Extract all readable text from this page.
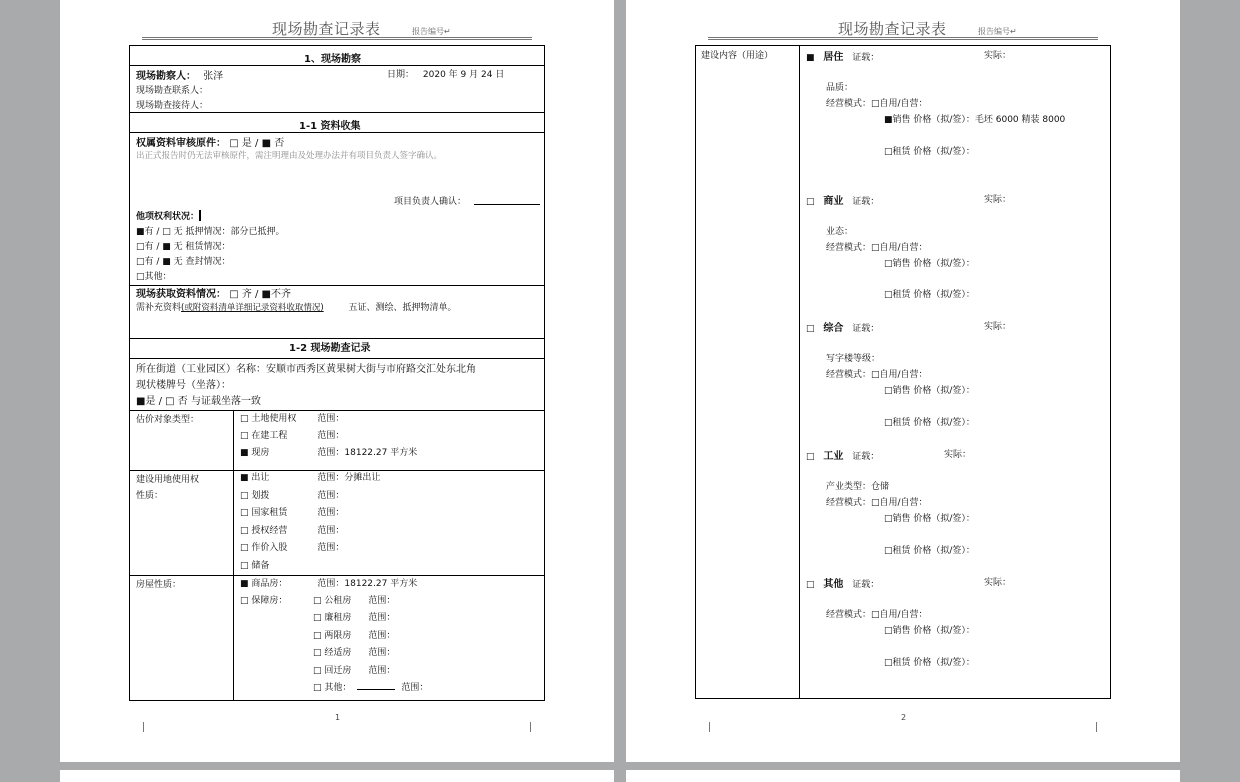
现场勘查记录表	报告编号↵
1、现场勘察
现场勘察人： 张泽	日期： 2020 年 9 月 24 日
现场勘查联系人：
现场勘查接待人：
1-1 资料收集
权属资料审核原件： □ 是 / ■ 否
出正式报告时仍无法审核原件，需注明理由及处理办法并有项目负责人签字确认。
项目负责人确认：
他项权利状况：
■有 / □ 无 抵押情况：部分已抵押。
□有 / ■ 无 租赁情况：
□有 / ■ 无 查封情况：
□其他：
现场获取资料情况： □ 齐 / ■不齐
需补充资料(或附资料清单详细记录资料收取情况)	五证、测绘、抵押物清单。
1-2 现场勘查记录
所在街道（工业园区）名称：安顺市西秀区黄果树大街与市府路交汇处东北角
现状楼牌号（坐落）：
■是 / □ 否 与证载坐落一致
估价对象类型：	□ 土地使用权 范围：
□ 在建工程	范围：
■ 现房	范围：18122.27 平方米
建设用地使用权
性质：
■ 出让	范围：分摊出让
□ 划拨	范围：
□ 国家租赁	范围：
□ 授权经营	范围：
□ 作价入股	范围：
□ 储备
房屋性质：	■ 商品房：	范围：18122.27 平方米
□ 保障房：	□ 公租房 范围：
□ 廉租房 范围：
□ 两限房 范围：
□ 经适房 范围：
□ 回迁房 范围：
□ 其他：	范围：
1
现场勘查记录表	报告编号↵
建设内容（用途）	■ 居住 证载：	实际：
品质：
经营模式：□自用/自营：
■销售 价格（拟/签）：毛坯 6000 精装 8000
□租赁 价格（拟/签）：
□ 商业 证载：	实际：
业态：
经营模式：□自用/自营：
□销售 价格（拟/签）：
□租赁 价格（拟/签）：
□ 综合 证载：	实际：
写字楼等级：
经营模式：□自用/自营：
□销售 价格（拟/签）：
□租赁 价格（拟/签）：
□ 工业 证载：	实际：
产业类型：仓储
经营模式：□自用/自营：
□销售 价格（拟/签）：
□租赁 价格（拟/签）：
□ 其他 证载：	实际：
经营模式：□自用/自营：
□销售 价格（拟/签）：
□租赁 价格（拟/签）：
2
